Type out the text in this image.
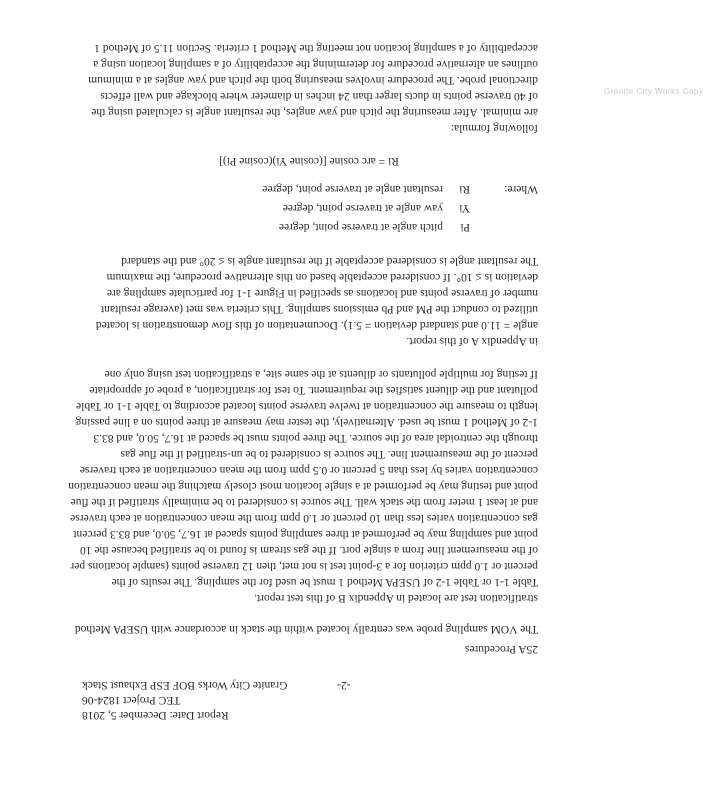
-2-  Granite City Works BOF ESP Exhaust Stack
TEC Project 1824-06
Report Date: December 5, 2018
25A Procedures
The VOM sampling probe was centrally located within the stack in accordance with USEPA Method
stratification test are located in Appendix B of this test report.
Table 1-1 or Table 1-2 of USEPA Method 1 must be used for the sampling. The results of the
percent or 1.0 ppm criterion for a 3-point test is not met, then 12 traverse points (sample locations per
of the measurement line from a single port. If the gas stream is found to be stratified because the 10
point and sampling may be performed at three sampling points spaced at 16.7, 50.0, and 83.3 percent
gas concentration varies less than 10 percent or 1.0 ppm from the mean concentration at each traverse
and at least 1 meter from the stack wall. The source is considered to be minimally stratified if the flue
point and testing may be performed at a single location most closely matching the mean concentration
concentration varies by less than 5 percent or 0.5 ppm from the mean concentration at each traverse
percent of the measurement line. The source is considered to be un-stratified if the flue gas
through the centroidal area of the source. The three points must be spaced at 16.7, 50.0, and 83.3
1-2 of Method 1 must be used. Alternatively, the tester may measure at three points on a line passing
length to measure the concentration at twelve traverse points located according to Table 1-1 or Table
pollutant and the diluent satisfies the requirement. To test for stratification, a probe of appropriate
If testing for multiple pollutants or diluents at the same site, a stratification test using only one
in Appendix A of this report.
angle = 11.0 and standard deviation = 5.1). Documentation of this flow demonstration is located
utilized to conduct the PM and Pb emissions sampling. This criteria was met (average resultant
number of traverse points and locations as specified in Figure 1-1 for particulate sampling are
deviation is ≤ 10°. If considered acceptable based on this alternative procedure, the maximum
The resultant angle is considered acceptable if the resultant angle is ≤ 20° and the standard
Pi
pitch angle at traverse point, degree
Yi
yaw angle at traverse point, degree
Where:
Ri
resultant angle at traverse point, degree
Ri = arc cosine [(cosine Yi)(cosine Pi)]
following formula:
are minimal. After measuring the pitch and yaw angles, the resultant angle is calculated using the
of 40 traverse points in ducts larger than 24 inches in diameter where blockage and wall effects
directional probe. The procedure involves measuring both the pitch and yaw angles at a minimum
outlines an alternative procedure for determining the acceptability of a sampling location using a
accepatbility of a sampling location not meeting the Method 1 criteria. Section 11.5 of Method 1
Granite City Works Copy
